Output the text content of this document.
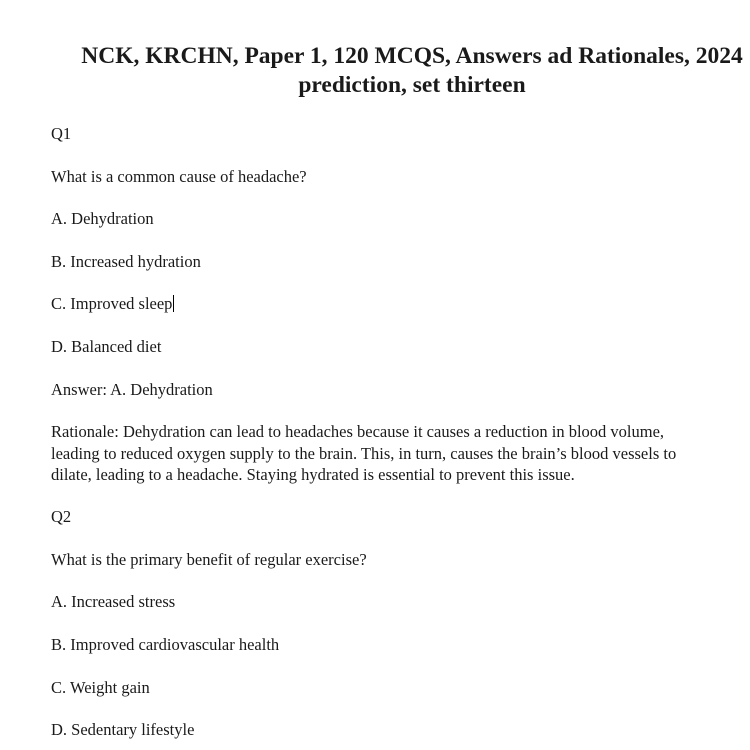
NCK, KRCHN, Paper 1, 120 MCQS, Answers ad Rationales, 2024
prediction, set thirteen

Q1

What is a common cause of headache?

A. Dehydration

B. Increased hydration

C. Improved sleep

D. Balanced diet

Answer: A. Dehydration

Rationale: Dehydration can lead to headaches because it causes a reduction in blood volume,
leading to reduced oxygen supply to the brain. This, in turn, causes the brain’s blood vessels to
dilate, leading to a headache. Staying hydrated is essential to prevent this issue.

Q2

What is the primary benefit of regular exercise?

A. Increased stress

B. Improved cardiovascular health

C. Weight gain

D. Sedentary lifestyle
